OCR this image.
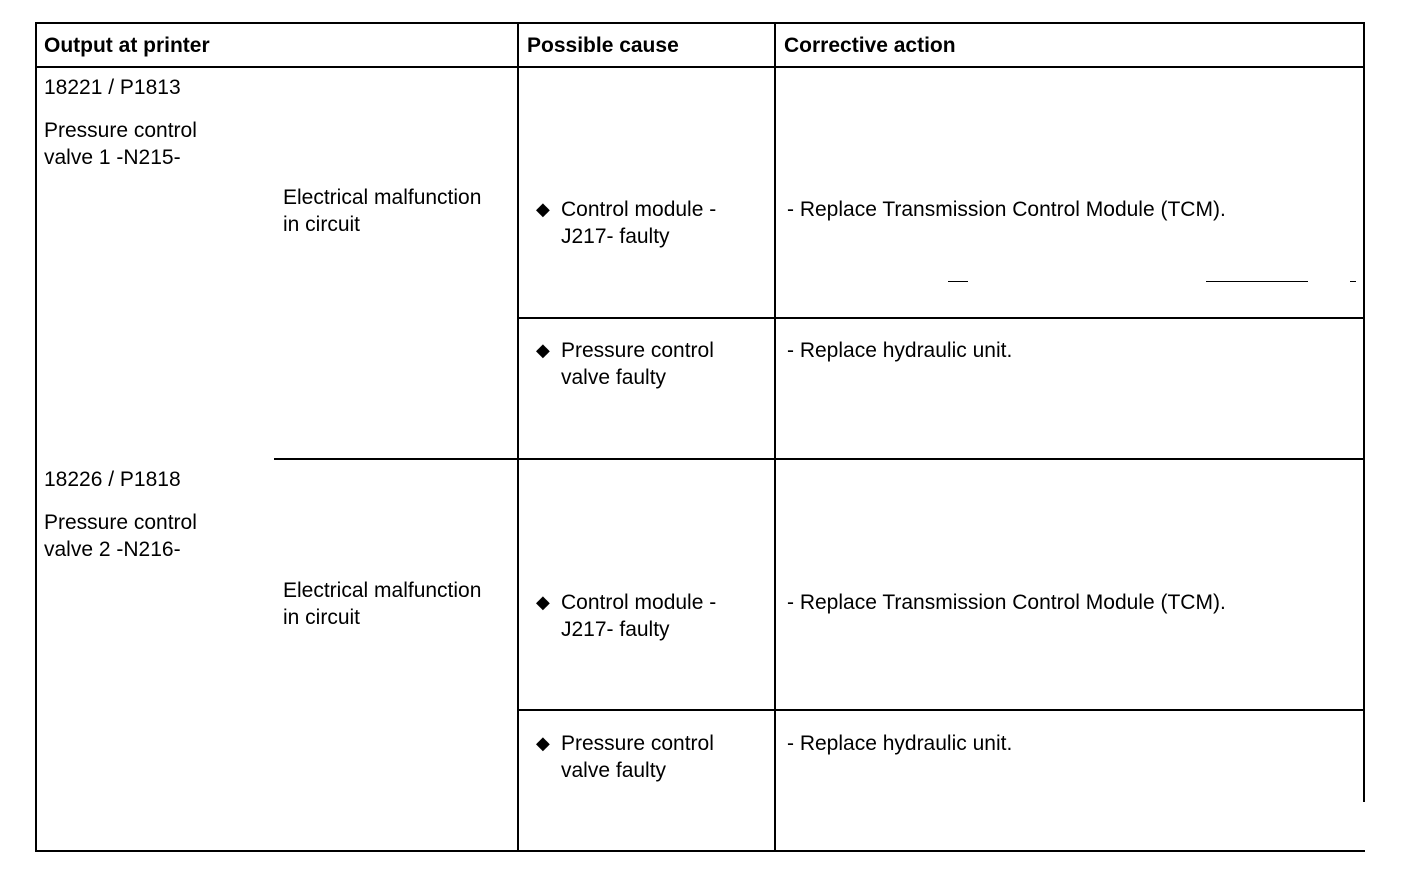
Output at printer	Possible cause	Corrective action
18221 / P1813
Pressure control
valve 1 -N215-
Electrical malfunction
in circuit
◆ Control module -
J217- faulty
- Replace Transmission Control Module (TCM).
◆ Pressure control
valve faulty
- Replace hydraulic unit.
18226 / P1818
Pressure control
valve 2 -N216-
Electrical malfunction
in circuit
◆ Control module -
J217- faulty
- Replace Transmission Control Module (TCM).
◆ Pressure control
valve faulty
- Replace hydraulic unit.
